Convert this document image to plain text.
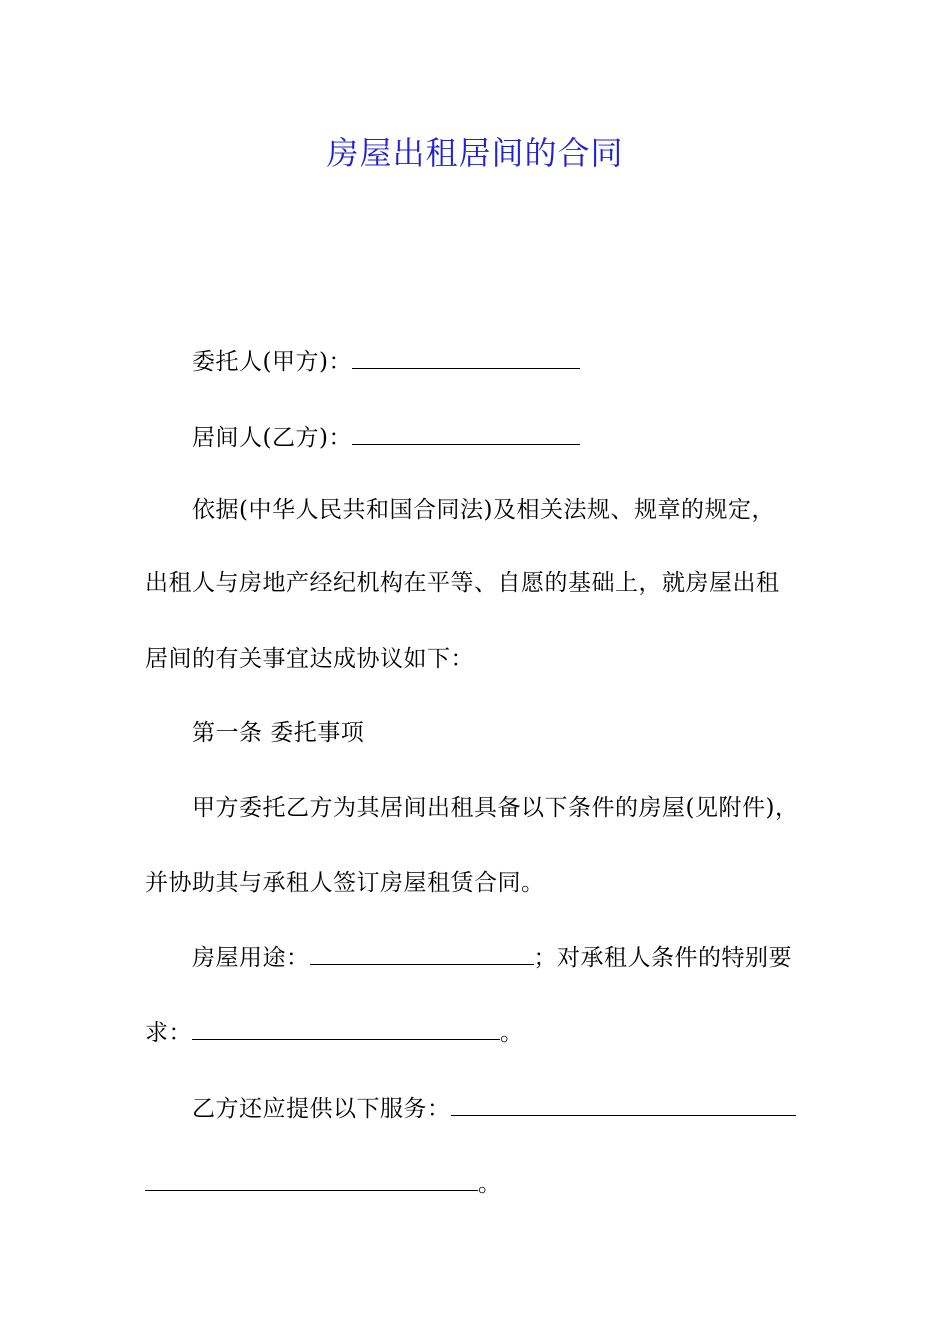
房屋出租居间的合同
委托人(甲方)：
居间人(乙方)：
依据(中华人民共和国合同法)及相关法规、规章的规定，
出租人与房地产经纪机构在平等、自愿的基础上，就房屋出租
居间的有关事宜达成协议如下：
第一条 委托事项
甲方委托乙方为其居间出租具备以下条件的房屋(见附件)，
并协助其与承租人签订房屋租赁合同。
房屋用途：	；对承租人条件的特别要
求：	。
乙方还应提供以下服务：
。
